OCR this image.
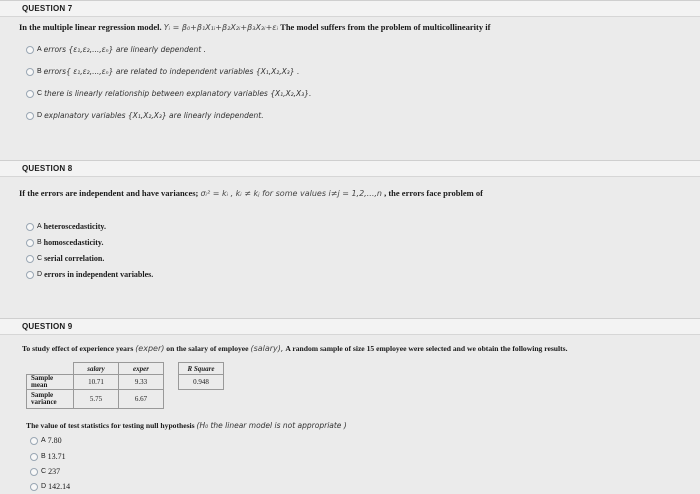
QUESTION 7
In the multiple linear regression model. Yᵢ = β₀+β₁X₁ᵢ+β₂X₂ᵢ+β₃X₃ᵢ+εᵢ The model suffers from the problem of multicollinearity if
A errors {ε₁,ε₂,...,εₙ} are linearly dependent .
B errors{ ε₁,ε₂,...,εₙ} are related to independent variables {X₁,X₂,X₃} .
C there is linearly relationship between explanatory variables {X₁,X₂,X₃}.
D explanatory variables {X₁,X₂,X₃} are linearly independent.
QUESTION 8
If the errors are independent and have variances; σᵢ² = kᵢ , kᵢ ≠ kⱼ for some values i≠j = 1,2,...,n , the errors face problem of
A heteroscedasticity.
B homoscedasticity.
C serial correlation.
D errors in independent variables.
QUESTION 9
To study effect of experience years (exper) on the salary of employee (salary), A random sample of size 15 employee were selected and we obtain the following results.
	salary	exper		R Square
Sample mean	10.71	9.33		0.948
Sample variance	5.75	6.67		
The value of test statistics for testing null hypothesis (H₀ the linear model is not appropriate )
A 7.80
B 13.71
C 237
D 142.14
